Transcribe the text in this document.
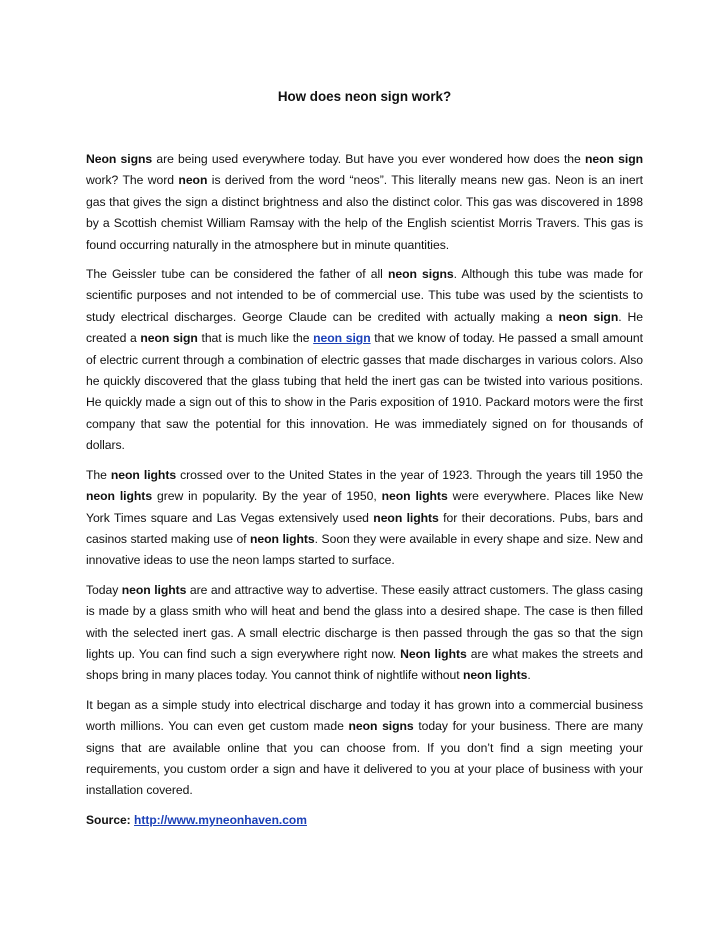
How does neon sign work?

Neon signs are being used everywhere today. But have you ever wondered how does the neon sign work? The word neon is derived from the word “neos”. This literally means new gas. Neon is an inert gas that gives the sign a distinct brightness and also the distinct color. This gas was discovered in 1898 by a Scottish chemist William Ramsay with the help of the English scientist Morris Travers. This gas is found occurring naturally in the atmosphere but in minute quantities.

The Geissler tube can be considered the father of all neon signs. Although this tube was made for scientific purposes and not intended to be of commercial use. This tube was used by the scientists to study electrical discharges. George Claude can be credited with actually making a neon sign. He created a neon sign that is much like the neon sign that we know of today. He passed a small amount of electric current through a combination of electric gasses that made discharges in various colors. Also he quickly discovered that the glass tubing that held the inert gas can be twisted into various positions. He quickly made a sign out of this to show in the Paris exposition of 1910. Packard motors were the first company that saw the potential for this innovation. He was immediately signed on for thousands of dollars.

The neon lights crossed over to the United States in the year of 1923. Through the years till 1950 the neon lights grew in popularity. By the year of 1950, neon lights were everywhere. Places like New York Times square and Las Vegas extensively used neon lights for their decorations. Pubs, bars and casinos started making use of neon lights. Soon they were available in every shape and size. New and innovative ideas to use the neon lamps started to surface.

Today neon lights are and attractive way to advertise. These easily attract customers. The glass casing is made by a glass smith who will heat and bend the glass into a desired shape. The case is then filled with the selected inert gas. A small electric discharge is then passed through the gas so that the sign lights up. You can find such a sign everywhere right now. Neon lights are what makes the streets and shops bring in many places today. You cannot think of nightlife without neon lights.

It began as a simple study into electrical discharge and today it has grown into a commercial business worth millions. You can even get custom made neon signs today for your business. There are many signs that are available online that you can choose from. If you don’t find a sign meeting your requirements, you custom order a sign and have it delivered to you at your place of business with your installation covered.

Source: http://www.myneonhaven.com
